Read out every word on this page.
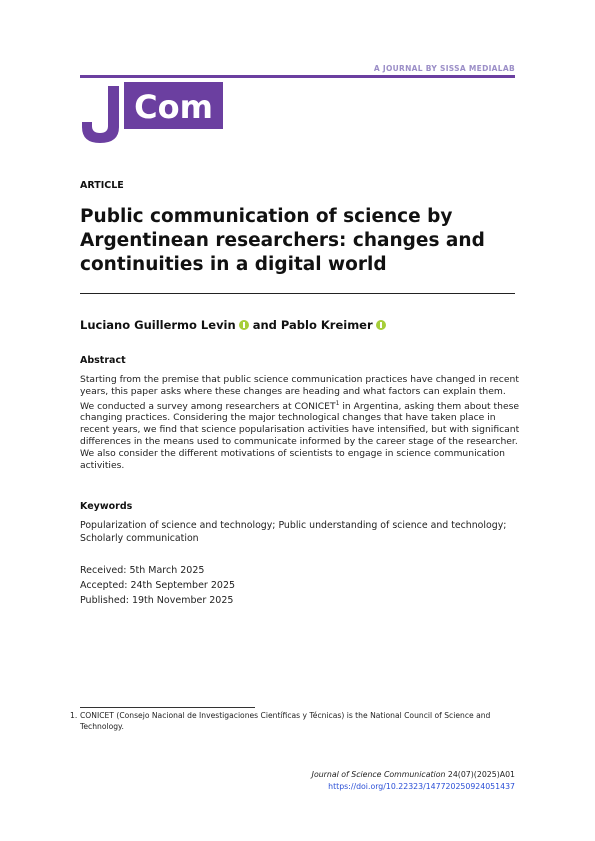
A JOURNAL BY SISSA MEDIALAB
Com
ARTICLE
Public communication of science by Argentinean researchers: changes and continuities in a digital world
Luciano Guillermo Levin and
Pablo Kreimer
Abstract

Starting from the premise that public science communication practices have changed in recent years, this paper asks where these changes are heading and what factors can explain them. We conducted a survey among researchers at CONICET$^1$ in Argentina, asking them about these changing practices. Considering the major technological changes that have taken place in recent years, we find that science popularisation activities have intensified, but with significant differences in the means used to communicate informed by the career stage of the researcher. We also consider the different motivations of scientists to engage in science communication activities.

Keywords

Popularization of science and technology; Public understanding of science and technology; Scholarly communication

Received: 5th March 2025
Accepted: 24th September 2025
Published: 19th November 2025
1. CONICET (Consejo Nacional de Investigaciones Científicas y Técnicas) is the National Council of Science and Technology.
Journal of Science Communication 24(07)(2025)A01
https://doi.org/10.22323/147720250924051437
